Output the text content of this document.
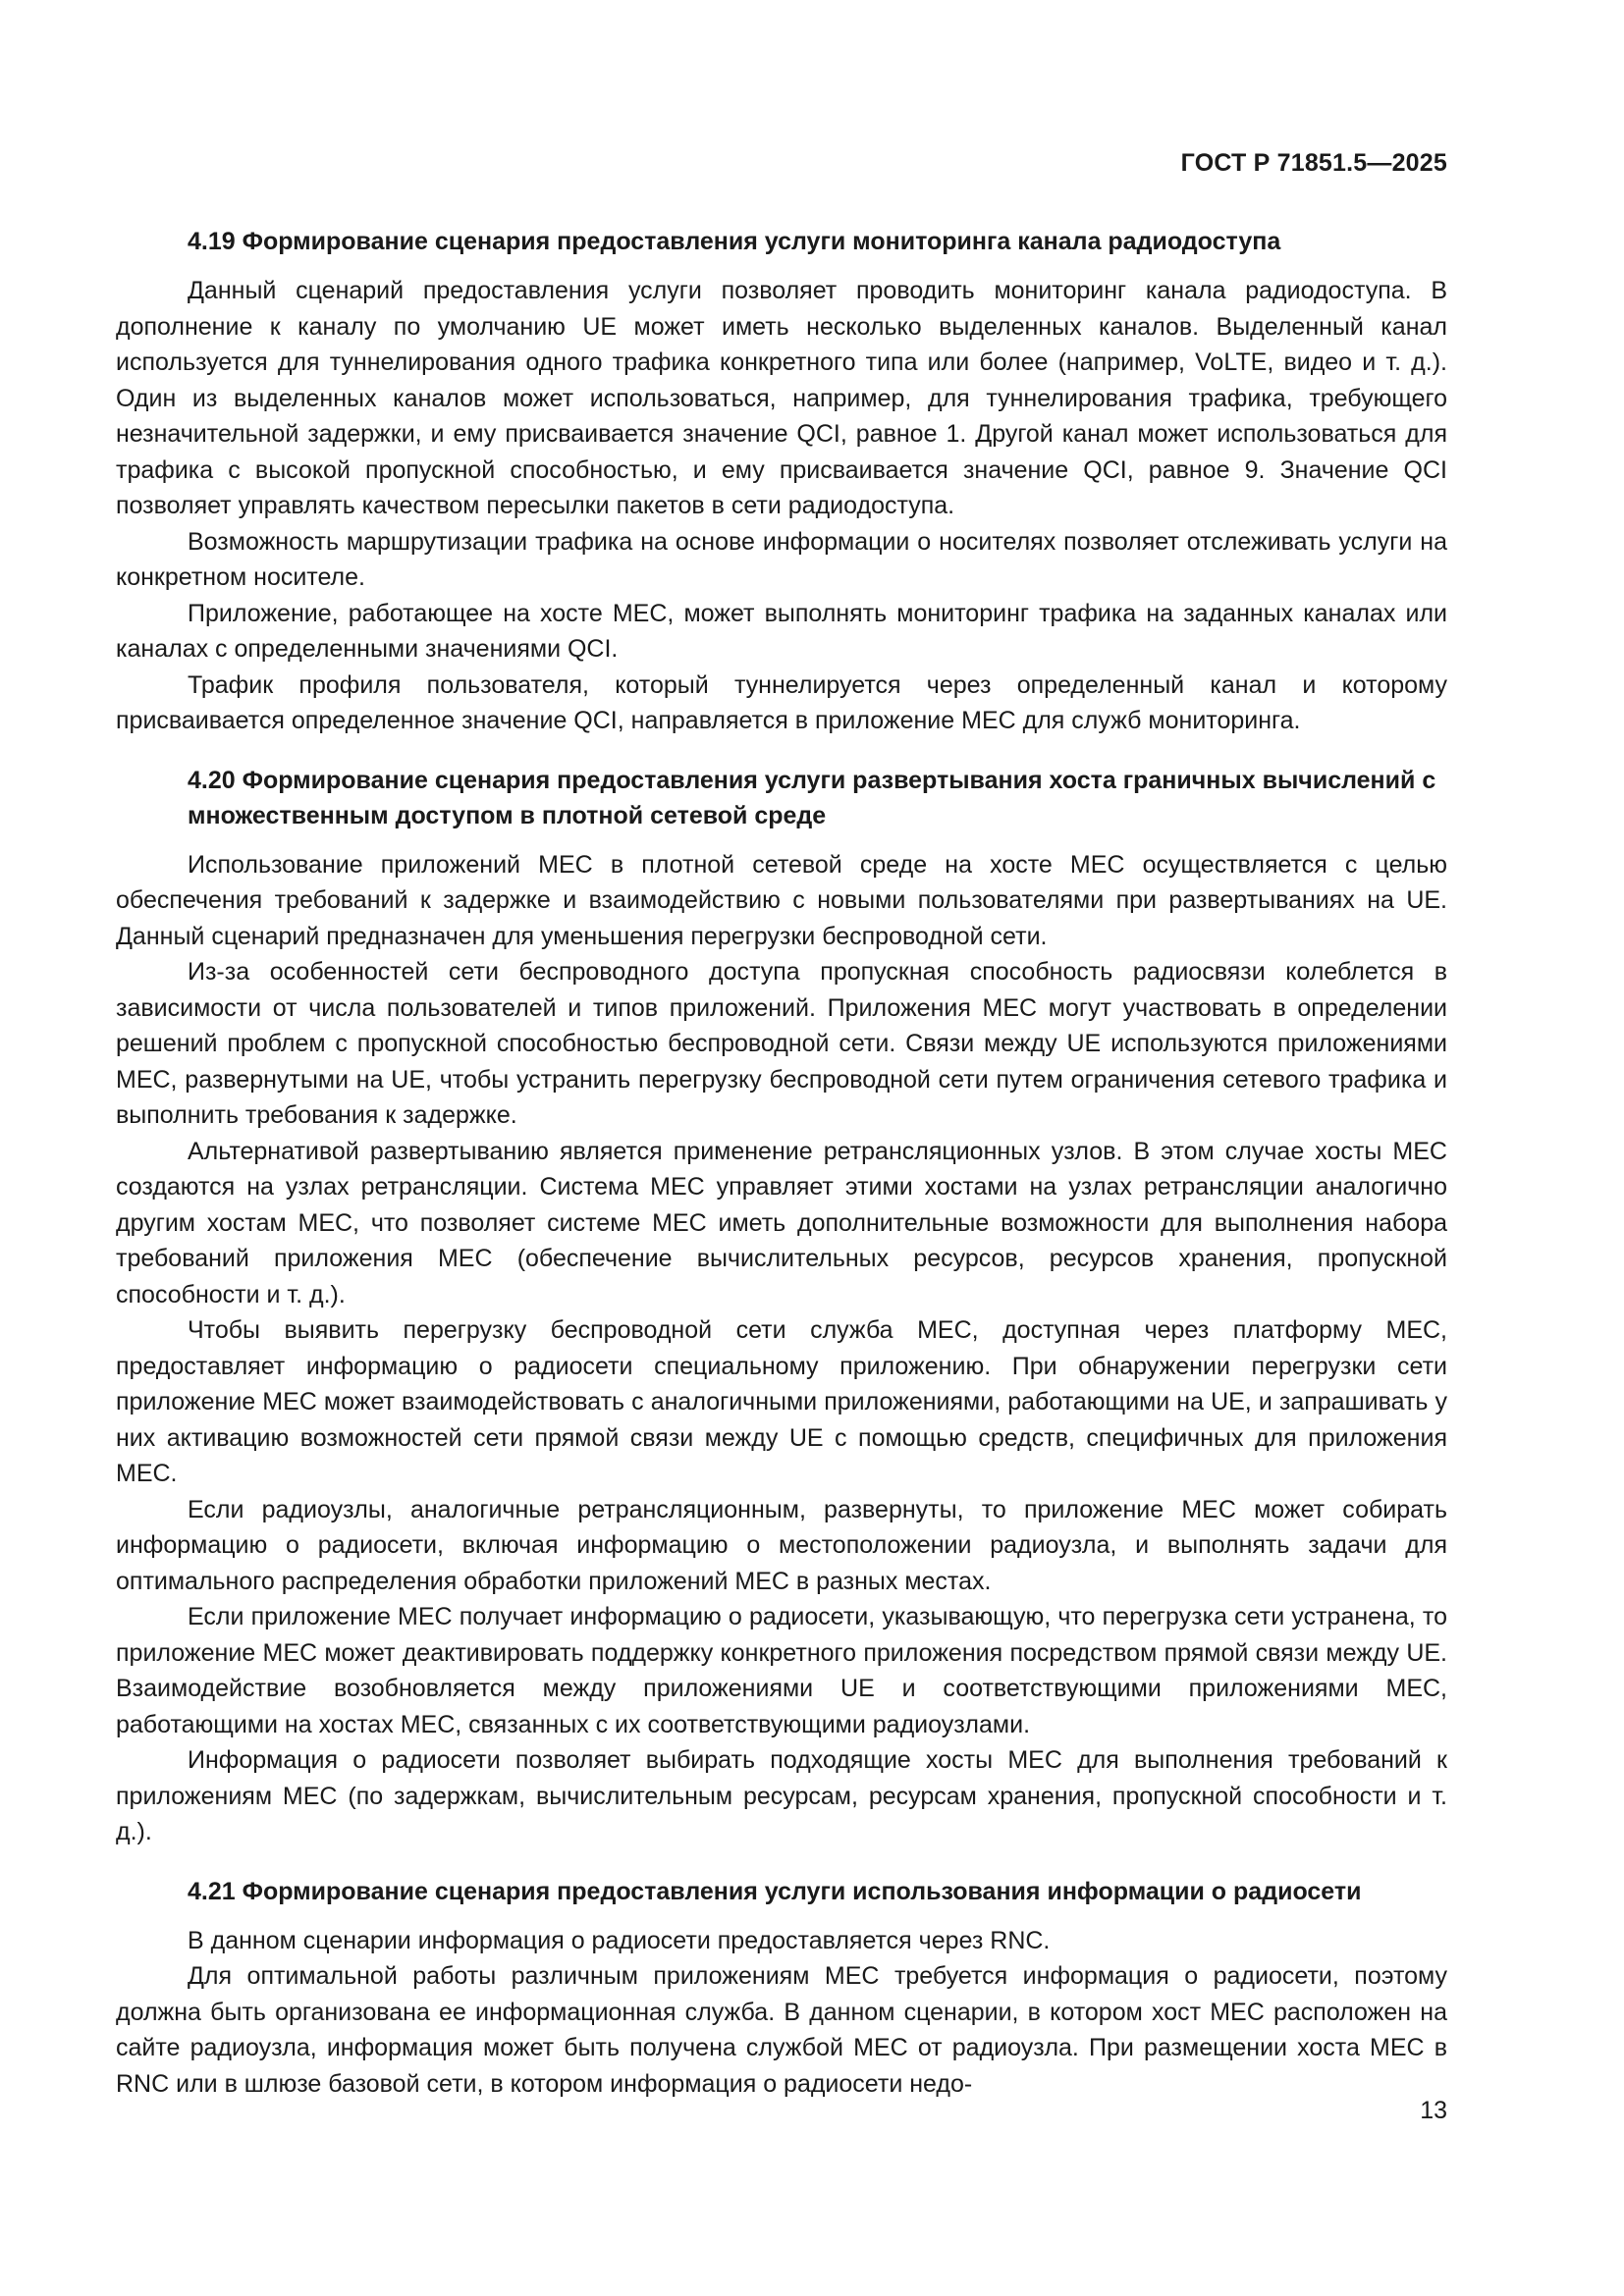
ГОСТ Р 71851.5—2025
4.19 Формирование сценария предоставления услуги мониторинга канала радиодоступа

Данный сценарий предоставления услуги позволяет проводить мониторинг канала радиодоступа. В дополнение к каналу по умолчанию UE может иметь несколько выделенных каналов. Выделенный канал используется для туннелирования одного трафика конкретного типа или более (например, VoLTE, видео и т. д.). Один из выделенных каналов может использоваться, например, для туннелирования трафика, требующего незначительной задержки, и ему присваивается значение QCI, равное 1. Другой канал может использоваться для трафика с высокой пропускной способностью, и ему присваивается значение QCI, равное 9. Значение QCI позволяет управлять качеством пересылки пакетов в сети радиодоступа.

Возможность маршрутизации трафика на основе информации о носителях позволяет отслеживать услуги на конкретном носителе.

Приложение, работающее на хосте МЕС, может выполнять мониторинг трафика на заданных каналах или каналах с определенными значениями QCI.

Трафик профиля пользователя, который туннелируется через определенный канал и которому присваивается определенное значение QCI, направляется в приложение МЕС для служб мониторинга.

4.20 Формирование сценария предоставления услуги развертывания хоста граничных вычислений с множественным доступом в плотной сетевой среде

Использование приложений МЕС в плотной сетевой среде на хосте МЕС осуществляется с целью обеспечения требований к задержке и взаимодействию с новыми пользователями при развертываниях на UE. Данный сценарий предназначен для уменьшения перегрузки беспроводной сети.

Из-за особенностей сети беспроводного доступа пропускная способность радиосвязи колеблется в зависимости от числа пользователей и типов приложений. Приложения МЕС могут участвовать в определении решений проблем с пропускной способностью беспроводной сети. Связи между UE используются приложениями МЕС, развернутыми на UE, чтобы устранить перегрузку беспроводной сети путем ограничения сетевого трафика и выполнить требования к задержке.

Альтернативой развертыванию является применение ретрансляционных узлов. В этом случае хосты МЕС создаются на узлах ретрансляции. Система МЕС управляет этими хостами на узлах ретрансляции аналогично другим хостам МЕС, что позволяет системе МЕС иметь дополнительные возможности для выполнения набора требований приложения МЕС (обеспечение вычислительных ресурсов, ресурсов хранения, пропускной способности и т. д.).

Чтобы выявить перегрузку беспроводной сети служба МЕС, доступная через платформу МЕС, предоставляет информацию о радиосети специальному приложению. При обнаружении перегрузки сети приложение МЕС может взаимодействовать с аналогичными приложениями, работающими на UE, и запрашивать у них активацию возможностей сети прямой связи между UE с помощью средств, специфичных для приложения МЕС.

Если радиоузлы, аналогичные ретрансляционным, развернуты, то приложение МЕС может собирать информацию о радиосети, включая информацию о местоположении радиоузла, и выполнять задачи для оптимального распределения обработки приложений МЕС в разных местах.

Если приложение МЕС получает информацию о радиосети, указывающую, что перегрузка сети устранена, то приложение МЕС может деактивировать поддержку конкретного приложения посредством прямой связи между UE. Взаимодействие возобновляется между приложениями UE и соответствующими приложениями МЕС, работающими на хостах МЕС, связанных с их соответствующими радиоузлами.

Информация о радиосети позволяет выбирать подходящие хосты МЕС для выполнения требований к приложениям МЕС (по задержкам, вычислительным ресурсам, ресурсам хранения, пропускной способности и т. д.).

4.21 Формирование сценария предоставления услуги использования информации о радиосети

В данном сценарии информация о радиосети предоставляется через RNC.

Для оптимальной работы различным приложениям МЕС требуется информация о радиосети, поэтому должна быть организована ее информационная служба. В данном сценарии, в котором хост МЕС расположен на сайте радиоузла, информация может быть получена службой МЕС от радиоузла. При размещении хоста МЕС в RNC или в шлюзе базовой сети, в котором информация о радиосети недо-

13
